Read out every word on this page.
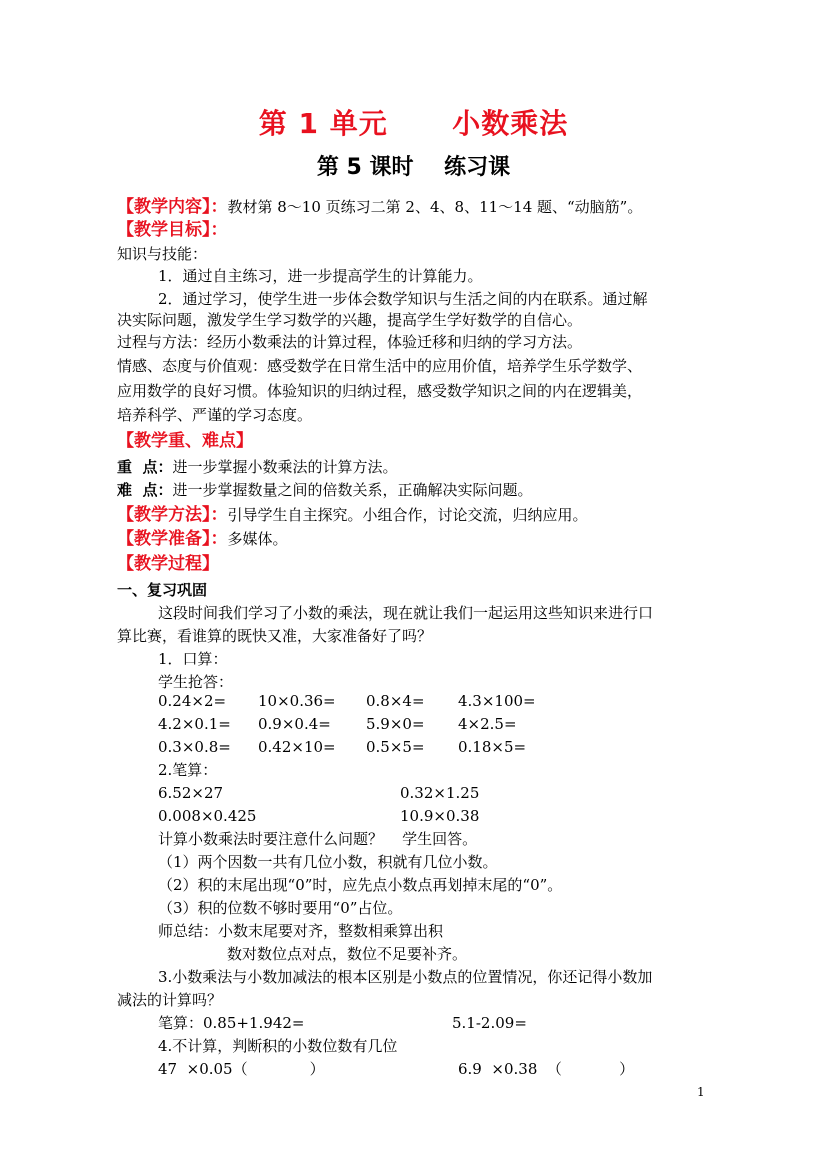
第 1 单元      小数乘法
第 5 课时    练习课
【教学内容】：教材第 8～10 页练习二第 2、4、8、11～14 题、“动脑筋”。
【教学目标】：
知识与技能：
1．通过自主练习，进一步提高学生的计算能力。
2．通过学习，使学生进一步体会数学知识与生活之间的内在联系。通过解
决实际问题，激发学生学习数学的兴趣，提高学生学好数学的自信心。
过程与方法：经历小数乘法的计算过程，体验迁移和归纳的学习方法。
情感、态度与价值观：感受数学在日常生活中的应用价值，培养学生乐学数学、
应用数学的良好习惯。体验知识的归纳过程，感受数学知识之间的内在逻辑美，
培养科学、严谨的学习态度。
【教学重、难点】
重  点：进一步掌握小数乘法的计算方法。
难  点：进一步掌握数量之间的倍数关系，正确解决实际问题。
【教学方法】：引导学生自主探究。小组合作，讨论交流，归纳应用。
【教学准备】：多媒体。
【教学过程】
一、复习巩固
这段时间我们学习了小数的乘法，现在就让我们一起运用这些知识来进行口
算比赛，看谁算的既快又准，大家准备好了吗？
1．口算：
学生抢答：
0.24×2= 10×0.36= 0.8×4= 4.3×100=
4.2×0.1= 0.9×0.4= 5.9×0= 4×2.5=
0.3×0.8= 0.42×10= 0.5×5= 0.18×5=
2.笔算：
6.52×27	0.32×1.25
0.008×0.425	10.9×0.38
计算小数乘法时要注意什么问题？    学生回答。
（1）两个因数一共有几位小数，积就有几位小数。
（2）积的末尾出现“0”时，应先点小数点再划掉末尾的“0”。
（3）积的位数不够时要用“0”占位。
师总结：小数末尾要对齐，整数相乘算出积
数对数位点对点，数位不足要补齐。
3.小数乘法与小数加减法的根本区别是小数点的位置情况，你还记得小数加
减法的计算吗？
笔算：0.85+1.942=	5.1-2.09=
4.不计算，判断积的小数位数有几位
47  ×0.05（             ）	6.9  ×0.38  （            ）
1
